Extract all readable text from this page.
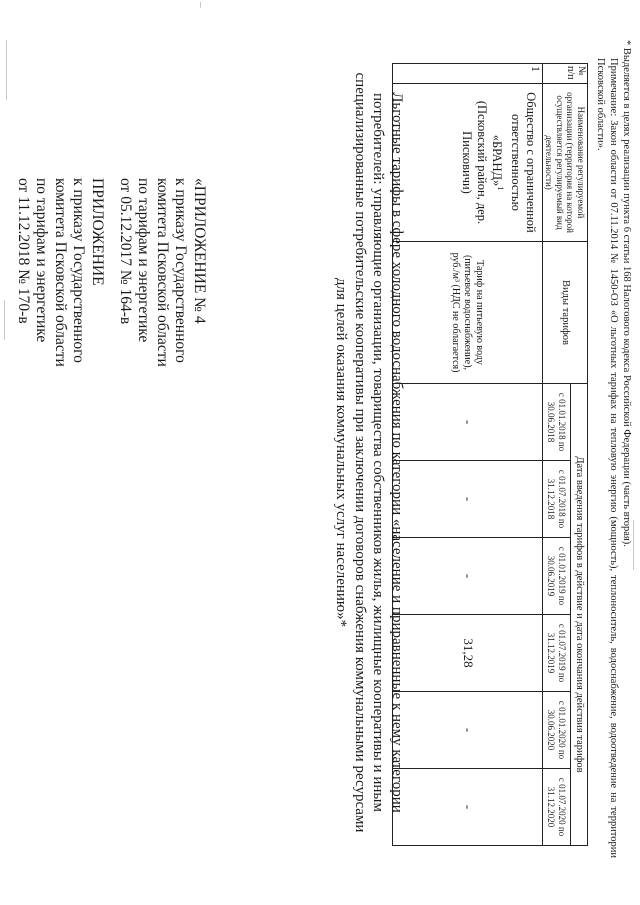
ПРИЛОЖЕНИЕ
к приказу Государственного
комитета Псковской области
по тарифам и энергетике
от 11.12.2018 № 170-в	«ПРИЛОЖЕНИЕ № 4
к приказу Государственного
комитета Псковской области
по тарифам и энергетике
от 05.12.2017 № 164-в	Льготные тарифы в сфере холодного водоснабжения по категории «население и приравненные к нему категории
потребителей: управляющие организации, товарищества собственников жилья, жилищные кооперативы и иным
специализированные потребительские кооперативы при заключении договоров снабжения коммунальными ресурсами
для целей оказания коммунальных услуг населению»*
№ п/п	Наименование регулируемой организации (территория на которой осуществляется регулируемый вид деятельности)	Виды тарифов	Дата введения тарифов в действие и дата окончания действия тарифов					
			с 01.01.2018 по 30.06.2018	с 01.07.2018 по 31.12.2018	с 01.01.2019 по 30.06.2019	с 01.07.2019 по 31.12.2019	с 01.01.2020 по 30.06.2020	с 01.07.2020 по 31.12.2020
1	Общество с ограниченной ответственностью «БРАНД»$^1$
(Псковский район, дер. Писковичи)	Тариф на питьевую воду (питьевое водоснабжение), руб./м³ (НДС не облагается)	-	-	-	31,28	-	-	Примечание: Закон области от 07.11.2014 № 1450-ОЗ «О льготных тарифах на тепловую энергию (мощность), теплоноситель, водоснабжение, водоотведение на территории Псковской области».	* Выделяется в целях реализации пункта 6 статьи 168 Налогового кодекса Российской Федерации (часть вторая).
